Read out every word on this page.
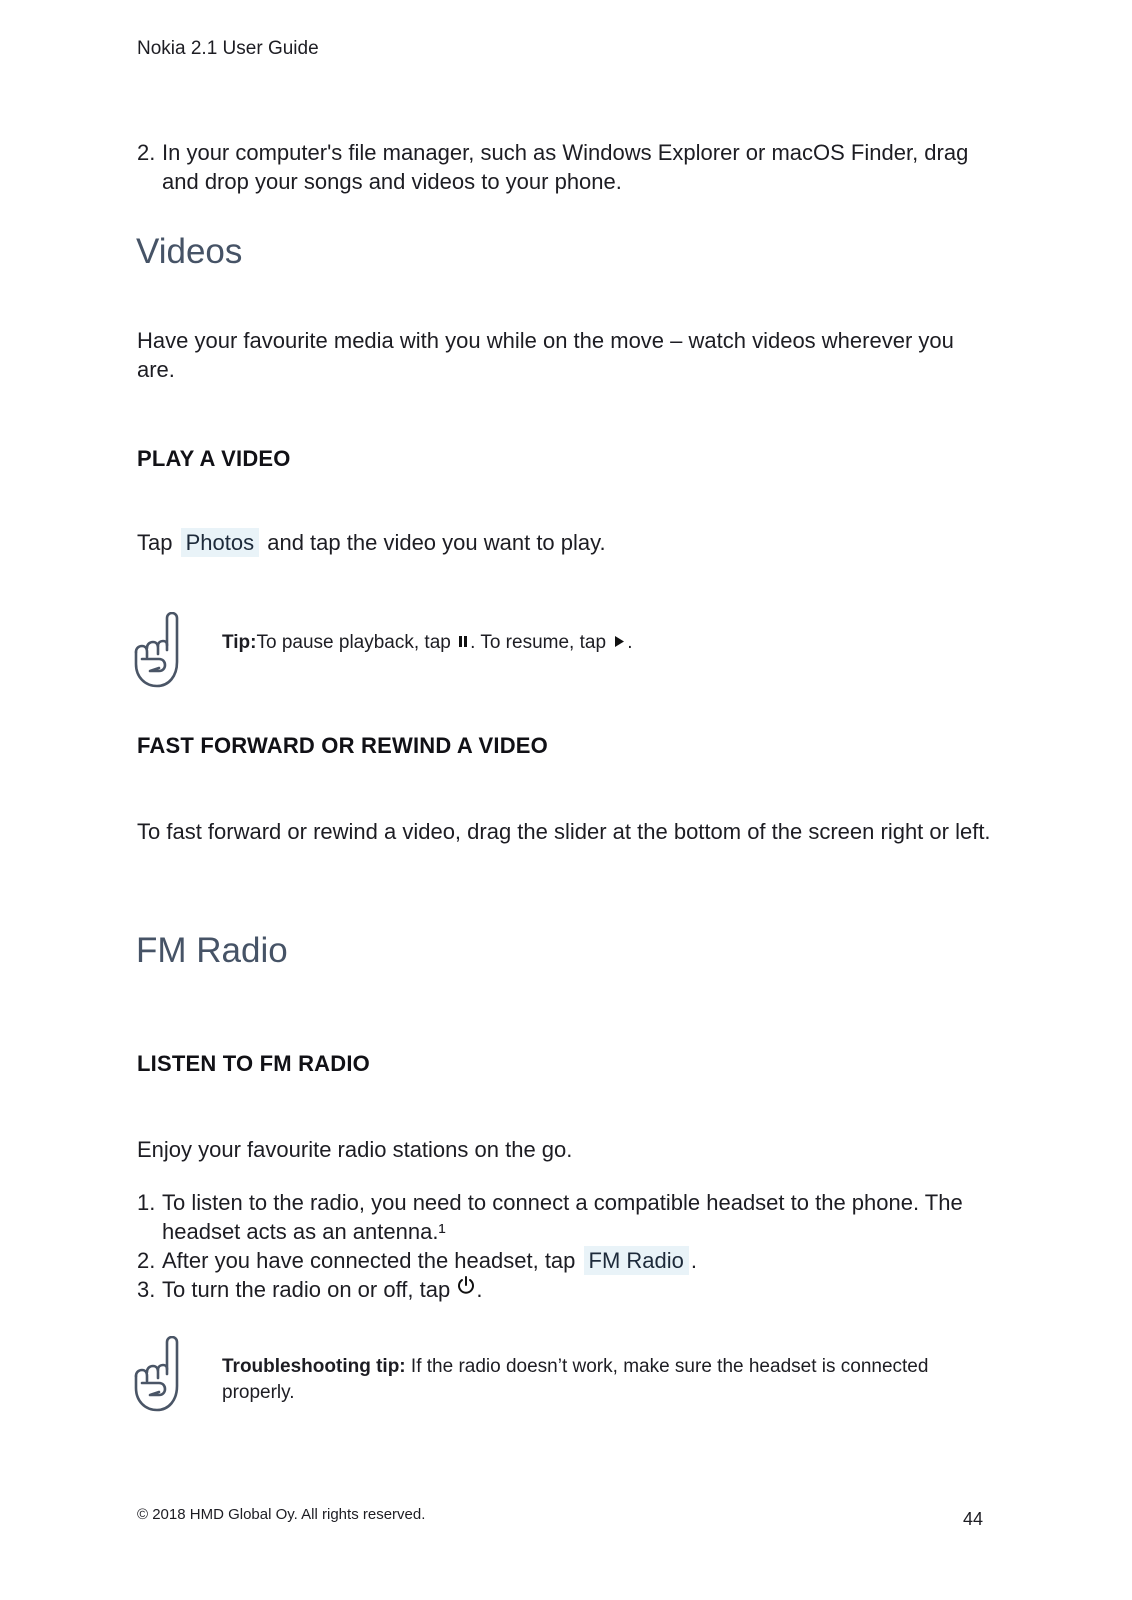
Nokia 2.1 User Guide
2. In your computer's file manager, such as Windows Explorer or macOS Finder, drag and drop your songs and videos to your phone.
Videos
Have your favourite media with you while on the move – watch videos wherever you are.
PLAY A VIDEO
Tap Photos and tap the video you want to play.
Tip:To pause playback, tap . To resume, tap .
FAST FORWARD OR REWIND A VIDEO
To fast forward or rewind a video, drag the slider at the bottom of the screen right or left.
FM Radio
LISTEN TO FM RADIO
Enjoy your favourite radio stations on the go.
1. To listen to the radio, you need to connect a compatible headset to the phone. The headset acts as an antenna.¹
2. After you have connected the headset, tap FM Radio .
3. To turn the radio on or off, tap .
Troubleshooting tip: If the radio doesn’t work, make sure the headset is connected properly.
© 2018 HMD Global Oy. All rights reserved.	44
